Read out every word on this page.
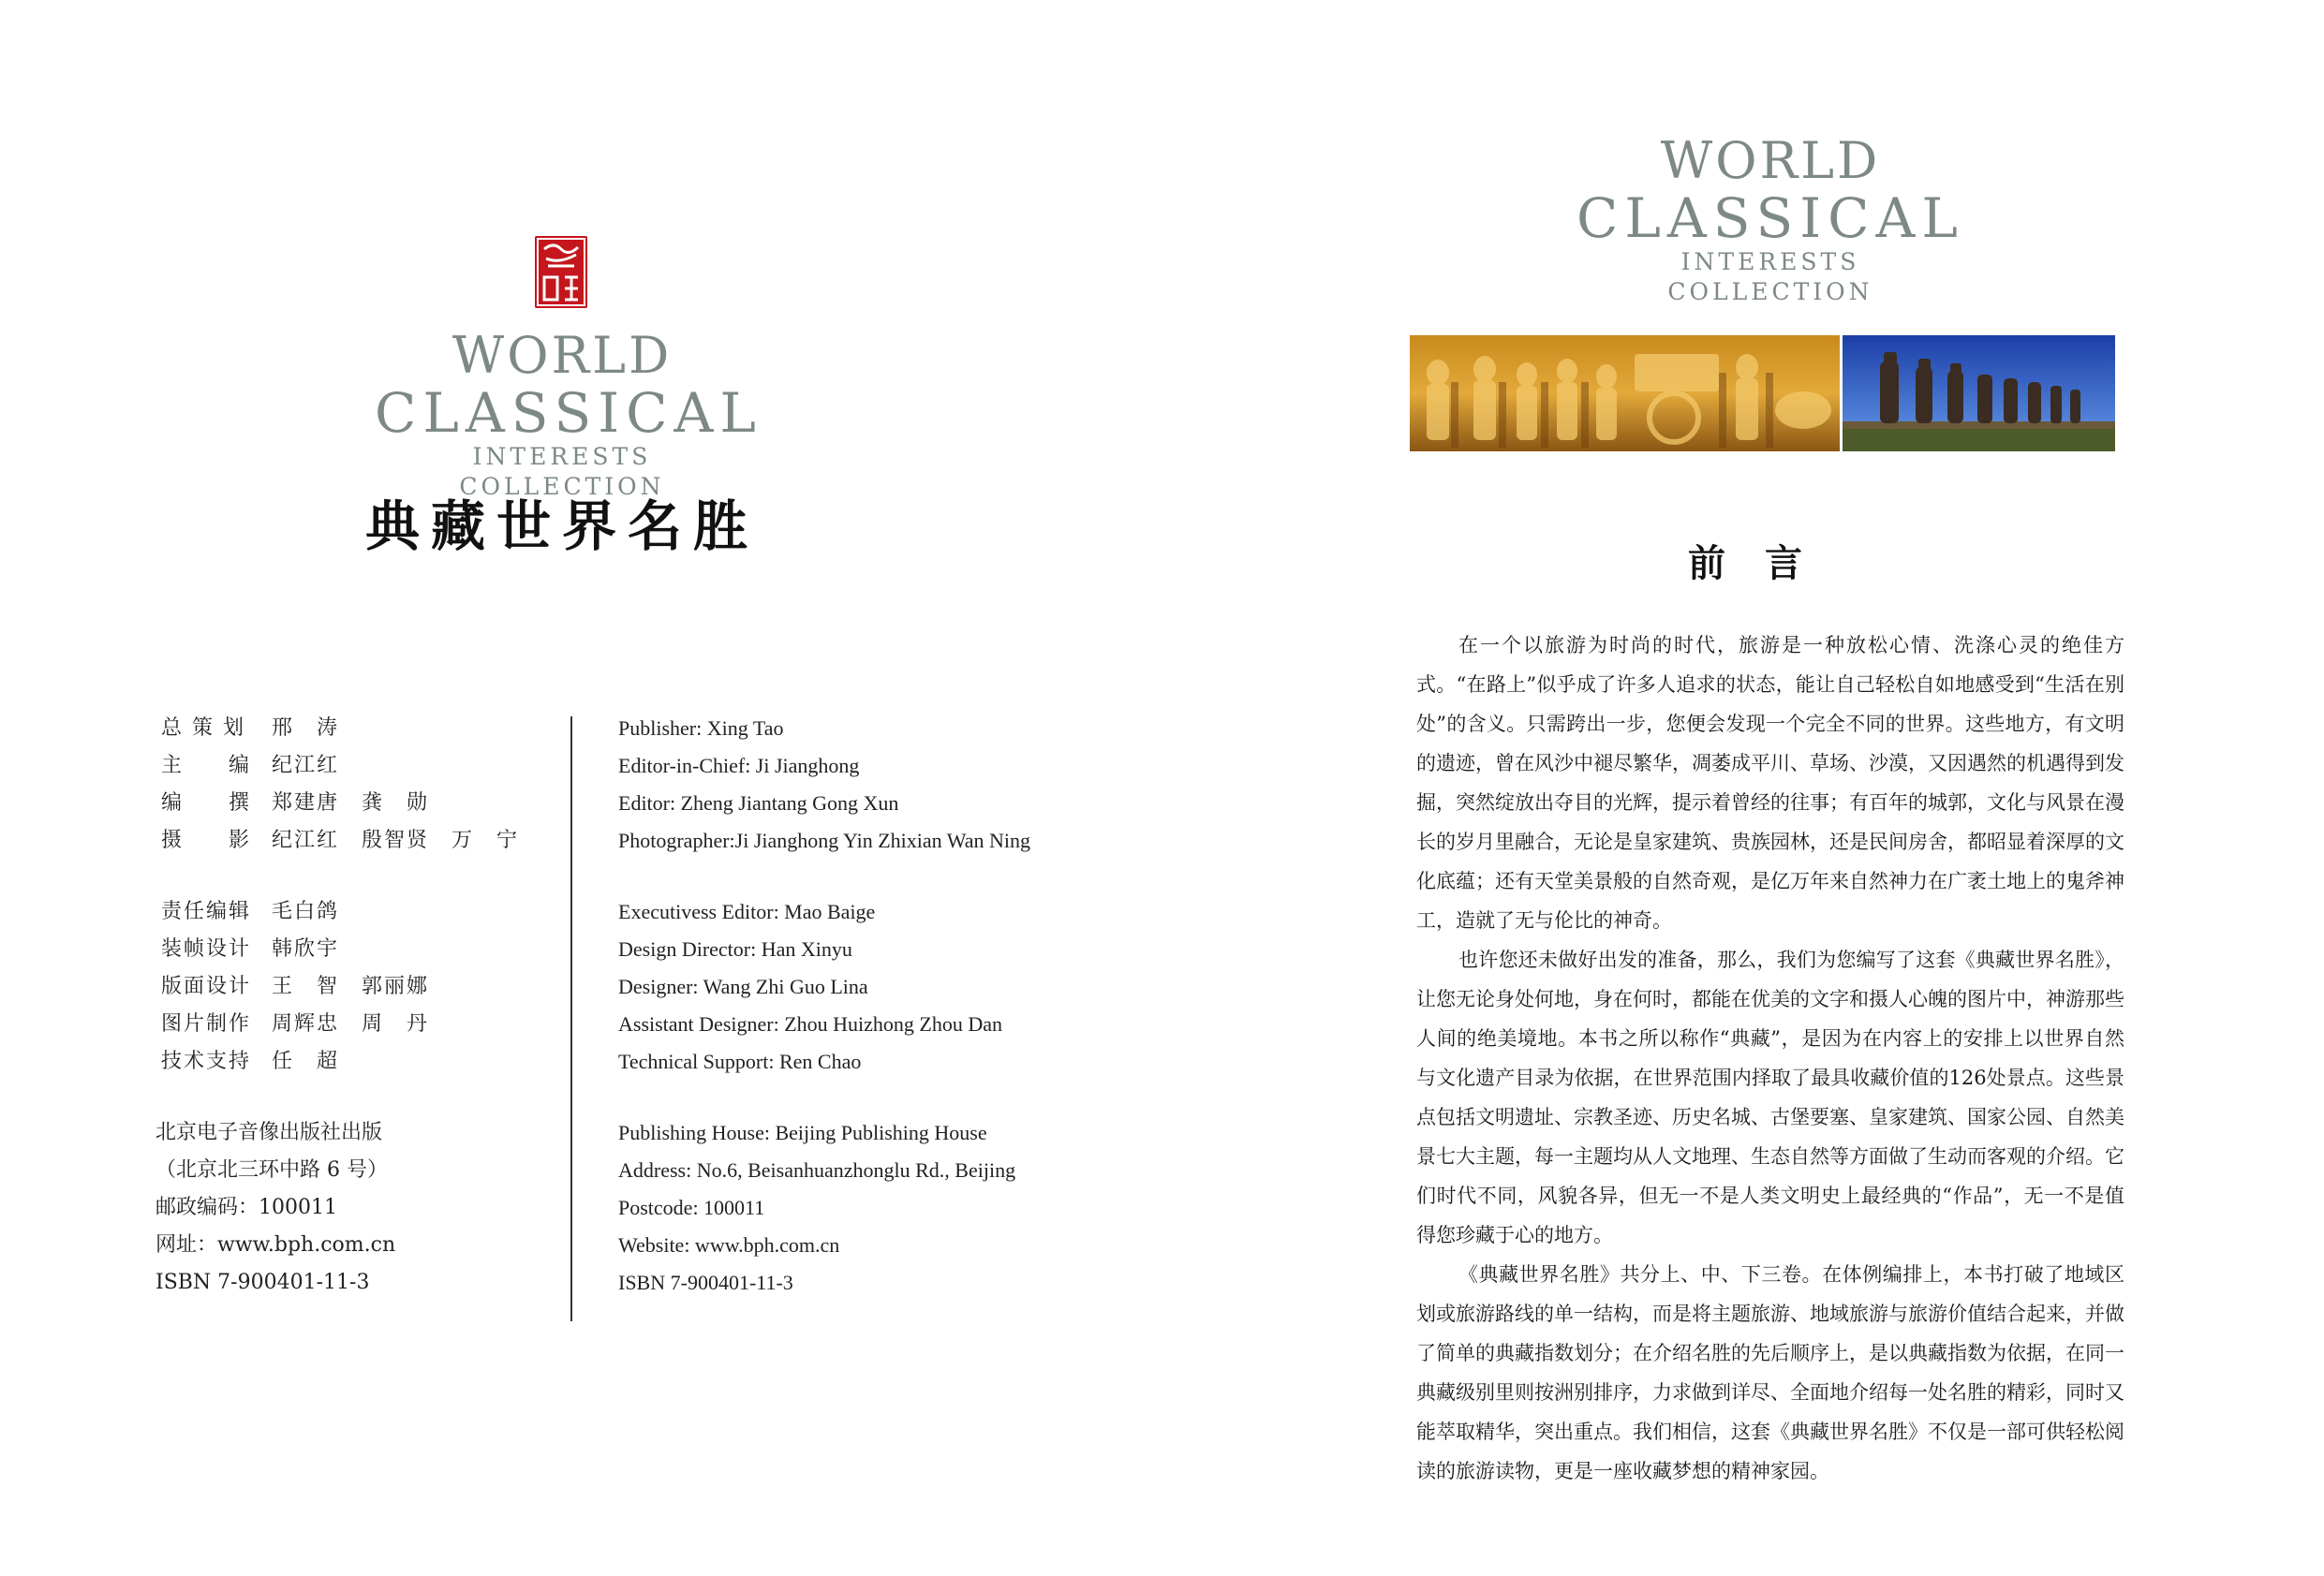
WORLD
CLASSICAL
INTERESTS COLLECTION
典藏世界名胜
总 策 划 邢　涛
主　　编 纪江红
编　　撰 郑建唐　龚　勋
摄　　影 纪江红　殷智贤　万　宁
责任编辑 毛白鸽
装帧设计 韩欣宇
版面设计 王　智　郭丽娜
图片制作 周辉忠　周　丹
技术支持 任　超
北京电子音像出版社出版
（北京北三环中路 6 号）
邮政编码：100011
网址：www.bph.com.cn
ISBN 7-900401-11-3
Publisher: Xing Tao
Editor-in-Chief: Ji Jianghong
Editor: Zheng Jiantang Gong Xun
Photographer:Ji Jianghong Yin Zhixian Wan Ning
Executivess Editor: Mao Baige
Design Director: Han Xinyu
Designer: Wang Zhi Guo Lina
Assistant Designer: Zhou Huizhong Zhou Dan
Technical Support: Ren Chao
Publishing House: Beijing Publishing House
Address: No.6, Beisanhuanzhonglu Rd., Beijing
Postcode: 100011
Website: www.bph.com.cn
ISBN 7-900401-11-3
WORLD
CLASSICAL
INTERESTS COLLECTION
前 言

在一个以旅游为时尚的时代，旅游是一种放松心情、洗涤心灵的绝佳方式。“在路上”似乎成了许多人追求的状态，能让自己轻松自如地感受到“生活在别处”的含义。只需跨出一步，您便会发现一个完全不同的世界。这些地方，有文明的遗迹，曾在风沙中褪尽繁华，凋萎成平川、草场、沙漠，又因遇然的机遇得到发掘，突然绽放出夺目的光辉，提示着曾经的往事；有百年的城郭，文化与风景在漫长的岁月里融合，无论是皇家建筑、贵族园林，还是民间房舍，都昭显着深厚的文化底蕴；还有天堂美景般的自然奇观，是亿万年来自然神力在广袤土地上的鬼斧神工，造就了无与伦比的神奇。

也许您还未做好出发的准备，那么，我们为您编写了这套《典藏世界名胜》，让您无论身处何地，身在何时，都能在优美的文字和摄人心魄的图片中，神游那些人间的绝美境地。本书之所以称作“典藏”，是因为在内容上的安排上以世界自然与文化遗产目录为依据，在世界范围内择取了最具收藏价值的126处景点。这些景点包括文明遗址、宗教圣迹、历史名城、古堡要塞、皇家建筑、国家公园、自然美景七大主题，每一主题均从人文地理、生态自然等方面做了生动而客观的介绍。它们时代不同，风貌各异，但无一不是人类文明史上最经典的“作品”，无一不是值得您珍藏于心的地方。

《典藏世界名胜》共分上、中、下三卷。在体例编排上，本书打破了地域区划或旅游路线的单一结构，而是将主题旅游、地域旅游与旅游价值结合起来，并做了简单的典藏指数划分；在介绍名胜的先后顺序上，是以典藏指数为依据，在同一典藏级别里则按洲别排序，力求做到详尽、全面地介绍每一处名胜的精彩，同时又能萃取精华，突出重点。我们相信，这套《典藏世界名胜》不仅是一部可供轻松阅读的旅游读物，更是一座收藏梦想的精神家园。
